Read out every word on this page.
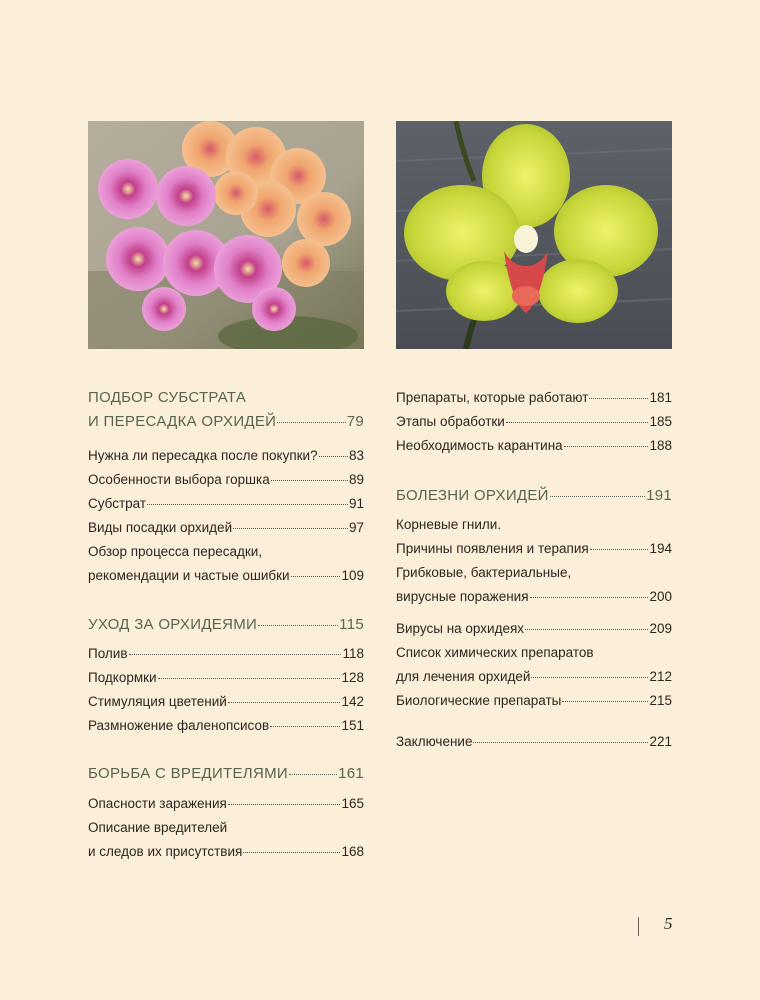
ПОДБОР СУБСТРАТА
И ПЕРЕСАДКА ОРХИДЕЙ	79
Нужна ли пересадка после покупки? 83
Особенности выбора горшка	89
Субстрат	91
Виды посадки орхидей	97
Обзор процесса пересадки,
рекомендации и частые ошибки	109
УХОД ЗА ОРХИДЕЯМИ	115
Полив	118
Подкормки	128
Стимуляция цветений	142
Размножение фаленопсисов	151
БОРЬБА С ВРЕДИТЕЛЯМИ	161
Опасности заражения	165
Описание вредителей
и следов их присутствия	168
Препараты, которые работают	181
Этапы обработки	185
Необходимость карантина	188
БОЛЕЗНИ ОРХИДЕЙ	191
Корневые гнили.
Причины появления и терапия	194
Грибковые, бактериальные,
вирусные поражения	200
Вирусы на орхидеях	209
Список химических препаратов
для лечения орхидей	212
Биологические препараты	215
Заключение	221
5
